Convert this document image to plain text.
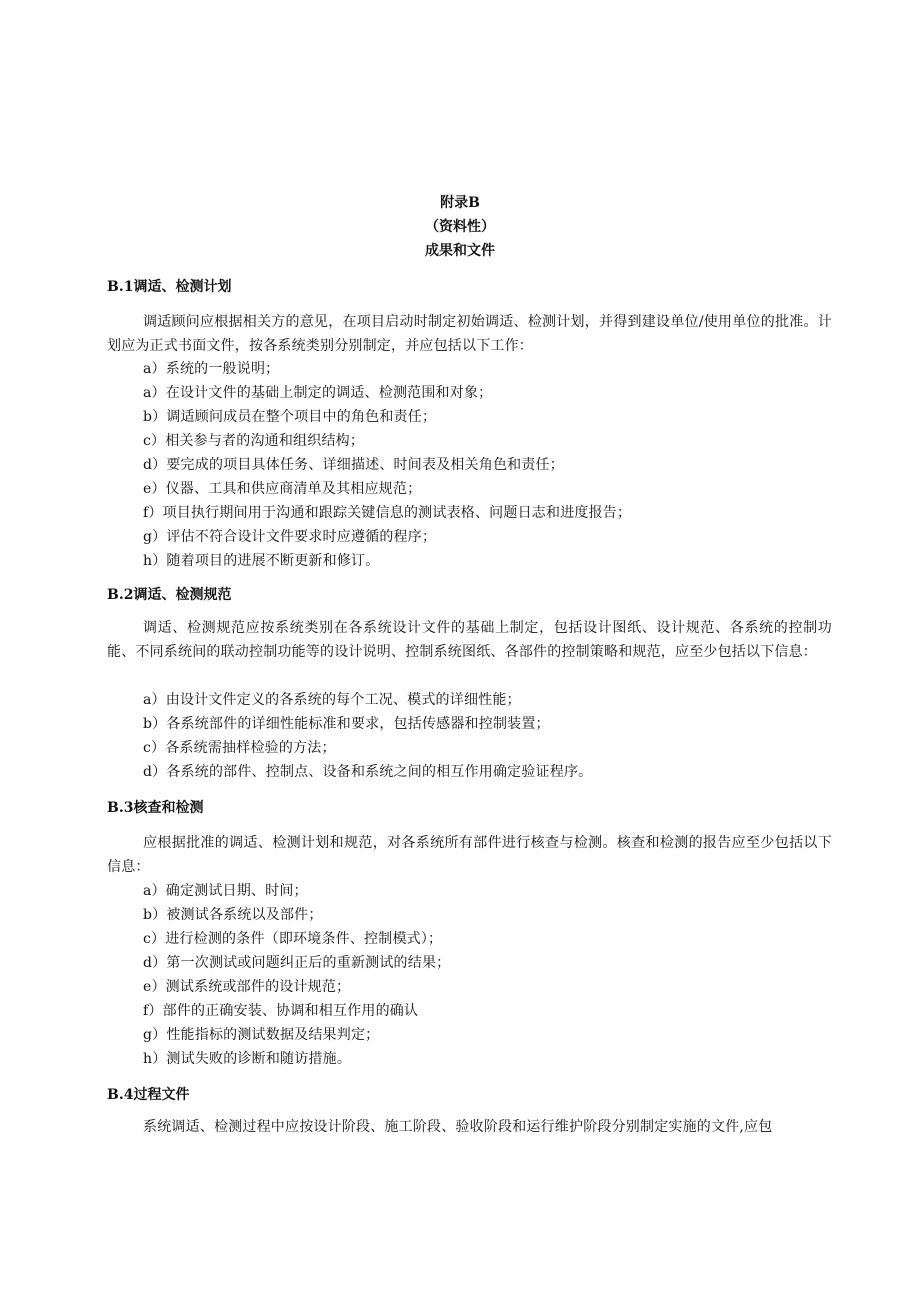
附录B
（资料性）
成果和文件
B.1调适、检测计划
调适顾问应根据相关方的意见，在项目启动时制定初始调适、检测计划，并得到建设单位/使用单位的批准。计划应为正式书面文件，按各系统类别分别制定，并应包括以下工作：
a）系统的一般说明；
a）在设计文件的基础上制定的调适、检测范围和对象；
b）调适顾问成员在整个项目中的角色和责任；
c）相关参与者的沟通和组织结构；
d）要完成的项目具体任务、详细描述、时间表及相关角色和责任；
e）仪器、工具和供应商清单及其相应规范；
f）项目执行期间用于沟通和跟踪关键信息的测试表格、问题日志和进度报告；
g）评估不符合设计文件要求时应遵循的程序；
h）随着项目的进展不断更新和修订。
B.2调适、检测规范
调适、检测规范应按系统类别在各系统设计文件的基础上制定，包括设计图纸、设计规范、各系统的控制功能、不同系统间的联动控制功能等的设计说明、控制系统图纸、各部件的控制策略和规范，应至少包括以下信息：
a）由设计文件定义的各系统的每个工况、模式的详细性能；
b）各系统部件的详细性能标准和要求，包括传感器和控制装置；
c）各系统需抽样检验的方法；
d）各系统的部件、控制点、设备和系统之间的相互作用确定验证程序。
B.3核查和检测
应根据批准的调适、检测计划和规范，对各系统所有部件进行核查与检测。核查和检测的报告应至少包括以下信息：
a）确定测试日期、时间；
b）被测试各系统以及部件；
c）进行检测的条件（即环境条件、控制模式）；
d）第一次测试或问题纠正后的重新测试的结果；
e）测试系统或部件的设计规范；
f）部件的正确安装、协调和相互作用的确认
g）性能指标的测试数据及结果判定；
h）测试失败的诊断和随访措施。
B.4过程文件
系统调适、检测过程中应按设计阶段、施工阶段、验收阶段和运行维护阶段分别制定实施的文件,应包
